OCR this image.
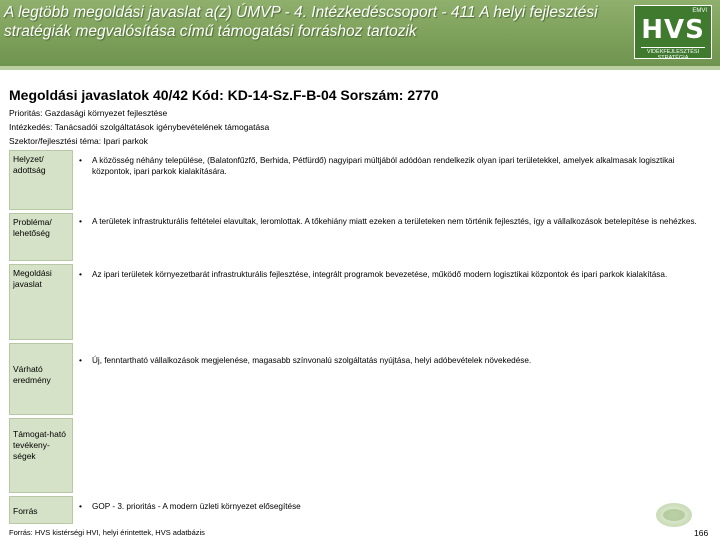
A legtöbb megoldási javaslat a(z) ÚMVP - 4. Intézkedéscsoport - 411 A helyi fejlesztési stratégiák megvalósítása című támogatási forráshoz tartozik
EMVI
HVS
VIDÉKFEJLESZTÉSI STRATÉGIA
Megoldási javaslatok 40/42 Kód: KD-14-Sz.F-B-04 Sorszám: 2770
Prioritás: Gazdasági környezet fejlesztése
Intézkedés: Tanácsadói szolgáltatások igénybevételének támogatása
Szektor/fejlesztési téma: Ipari parkok
Helyzet/ adottság
• A közösség néhány települése, (Balatonfűzfő, Berhida, Pétfürdő) nagyipari múltjából adódóan rendelkezik olyan ipari területekkel, amelyek alkalmasak logisztikai központok, ipari parkok kialakítására.
Probléma/ lehetőség
• A területek infrastrukturális feltételei elavultak, leromlottak. A tőkehiány miatt ezeken a területeken nem történik fejlesztés, így a vállalkozások betelepítése is nehézkes.
Megoldási javaslat
• Az ipari területek környezetbarát infrastrukturális fejlesztése, integrált programok bevezetése, működő modern logisztikai központok és ipari parkok kialakítása.
Várható eredmény
• Új, fenntartható vállalkozások megjelenése, magasabb színvonalú szolgáltatás nyújtása, helyi adóbevételek növekedése.
Támogat-ható tevékeny-ségek
Forrás	• GOP - 3. prioritás - A modern üzleti környezet elősegítése
Forrás: HVS kistérségi HVI, helyi érintettek, HVS adatbázis	166
